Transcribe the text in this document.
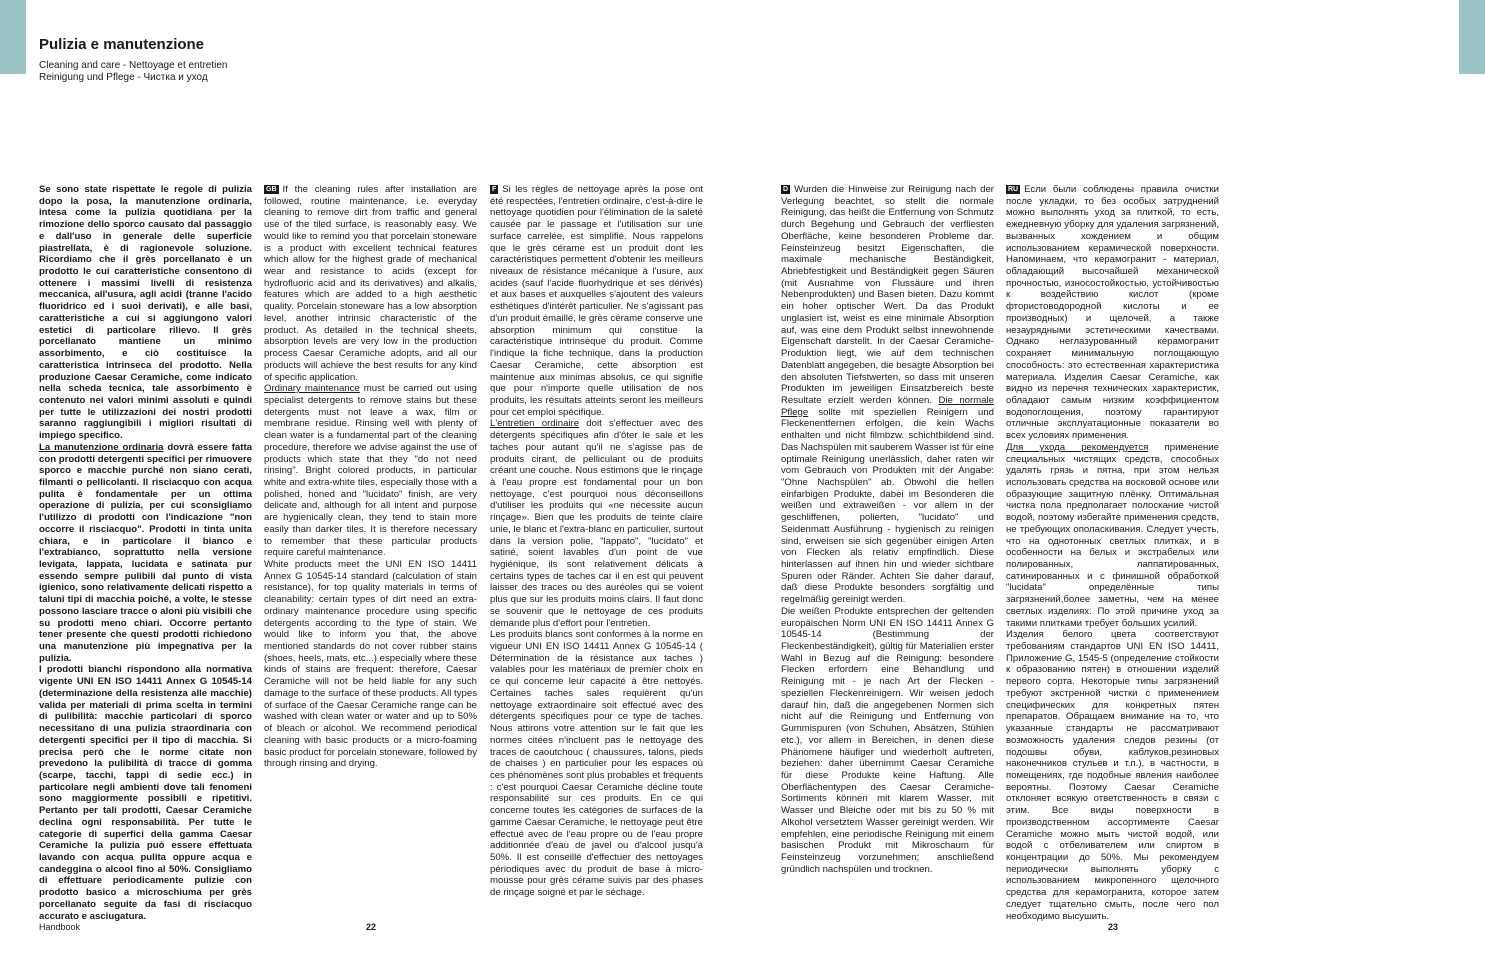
Pulizia e manutenzione
Cleaning and care - Nettoyage et entretien
Reinigung und Pflege - Чистка и уход

Se sono state rispettate le regole di pulizia dopo la posa, la manutenzione ordinaria, intesa come la pulizia quotidiana per la rimozione dello sporco causato dal passaggio e dall'uso in generale delle superficie piastrellata, è di ragionevole soluzione. Ricordiamo che il grès porcellanato è un prodotto le cui caratteristiche consentono di ottenere i massimi livelli di resistenza meccanica, all'usura, agli acidi (tranne l'acido fluoridrico ed i suoi derivati), e alle basi, caratteristiche a cui si aggiungono valori estetici di particolare rilievo. Il grès porcellanato mantiene un minimo assorbimento, e ciò costituisce la caratteristica intrinseca del prodotto. Nella produzione Caesar Ceramiche, come indicato nella scheda tecnica, tale assorbimento è contenuto nei valori minimi assoluti e quindi per tutte le utilizzazioni dei nostri prodotti saranno raggiungibili i migliori risultati di impiego specifico.

La manutenzione ordinaria dovrà essere fatta con prodotti detergenti specifici per rimuovere sporco e macchie purché non siano cerati, filmanti o pellicolanti. Il risciacquo con acqua pulita è fondamentale per un ottima operazione di pulizia, per cui sconsigliamo l'utilizzo di prodotti con l'indicazione "non occorre il risciacquo". Prodotti in tinta unita chiara, e in particolare il bianco e l'extrabianco, soprattutto nella versione levigata, lappata, lucidata e satinata pur essendo sempre pulibili dal punto di vista igienico, sono relativamente delicati rispetto a taluni tipi di macchia poiché, a volte, le stesse possono lasciare tracce o aloni più visibili che su prodotti meno chiari. Occorre pertanto tener presente che questi prodotti richiedono una manutenzione più impegnativa per la pulizia.

I prodotti bianchi rispondono alla normativa vigente UNI EN ISO 14411 Annex G 10545-14 (determinazione della resistenza alle macchie) valida per materiali di prima scelta in termini di pulibilità: macchie particolari di sporco necessitano di una pulizia straordinaria con detergenti specifici per il tipo di macchia. Si precisa però che le norme citate non prevedono la pulibilità di tracce di gomma (scarpe, tacchi, tappi di sedie ecc.) in particolare negli ambienti dove tali fenomeni sono maggiormente possibili e ripetitivi. Pertanto per tali prodotti, Caesar Ceramiche declina ogni responsabilità. Per tutte le categorie di superfici della gamma Caesar Ceramiche la pulizia può essere effettuata lavando con acqua pulita oppure acqua e candeggina o alcool fino al 50%. Consigliamo di effettuare periodicamente pulizie con prodotto basico a microschiuma per grès porcellanato seguite da fasi di risciacquo accurato e asciugatura.

GB If the cleaning rules after installation are followed, routine maintenance, i.e. everyday cleaning to remove dirt from traffic and general use of the tiled surface, is reasonably easy. We would like to remind you that porcelain stoneware is a product with excellent technical features which allow for the highest grade of mechanical wear and resistance to acids (except for hydrofluoric acid and its derivatives) and alkalis, features which are added to a high aesthetic quality. Porcelain stoneware has a low absorption level, another intrinsic characteristic of the product. As detailed in the technical sheets, absorption levels are very low in the production process Caesar Ceramiche adopts, and all our products will achieve the best results for any kind of specific application.

Ordinary maintenance must be carried out using specialist detergents to remove stains but these detergents must not leave a wax, film or membrane residue. Rinsing well with plenty of clean water is a fundamental part of the cleaning procedure, therefore we advise against the use of products which state that they "do not need rinsing". Bright colored products, in particular white and extra-white tiles, especially those with a polished, honed and "lucidato" finish, are very delicate and, although for all intent and purpose are hygienically clean, they tend to stain more easily than darker tiles. It is therefore necessary to remember that these particular products require careful maintenance.

White products meet the UNI EN ISO 14411 Annex G 10545-14 standard (calculation of stain resistance), for top quality materials in terms of cleanability: certain types of dirt need an extra-ordinary maintenance procedure using specific detergents according to the type of stain. We would like to inform you that, the above mentioned standards do not cover rubber stains (shoes, heels, mats, etc...) especially where these kinds of stains are frequent: therefore, Caesar Ceramiche will not be held liable for any such damage to the surface of these products. All types of surface of the Caesar Ceramiche range can be washed with clean water or water and up to 50% of bleach or alcohol. We recommend periodical cleaning with basic products or a micro-foaming basic product for porcelain stoneware, followed by through rinsing and drying.

F Si les règles de nettoyage après la pose ont été respectées, l'entretien ordinaire, c'est-à-dire le nettoyage quotidien pour l'élimination de la saleté causée par le passage et l'utilisation sur une surface carrelée, est simplifié. Nous rappelons que le grès cérame est un produit dont les caractéristiques permettent d'obtenir les meilleurs niveaux de résistance mécanique à l'usure, aux acides (sauf l'acide fluorhydrique et ses dérivés) et aux bases et auxquelles s'ajoutent des valeurs esthétiques d'intérêt particulier. Ne s'agissant pas d'un produit émaillé, le grès cérame conserve une absorption minimum qui constitue la caractéristique intrinsèque du produit. Comme l'indique la fiche technique, dans la production Caesar Ceramiche, cette absorption est maintenue aux minimas absolus, ce qui signifie que pour n'importe quelle utilisation de nos produits, les résultats atteints seront les meilleurs pour cet emploi spécifique.

L'entretien ordinaire doit s'effectuer avec des détergents spécifiques afin d'ôter le sale et les taches pour autant qu'il ne s'agisse pas de produits cirant, de pelliculant ou de produits créant une couche. Nous estimons que le rinçage à l'eau propre est fondamental pour un bon nettoyage, c'est pourquoi nous déconseillons d'utiliser les produits qui «ne nécessite aucun rinçage». Bien que les produits de teinte claire unie, le blanc et l'extra-blanc en particulier, surtout dans la version polie, "lappato", "lucidato" et satiné, soient lavables d'un point de vue hygiénique, ils sont relativement délicats à certains types de taches car il en est qui peuvent laisser des traces ou des auréoles qui se voient plus que sur les produits moins clairs. Il faut donc se souvenir que le nettoyage de ces produits demande plus d'effort pour l'entretien.

Les produits blancs sont conformes à la norme en vigueur UNI EN ISO 14411 Annex G 10545-14 ( Détermination de la résistance aux taches ) valables pour les matériaux de premier choix en ce qui concerne leur capacité à être nettoyés. Certaines taches sales requièrent qu'un nettoyage extraordinaire soit effectué avec des détergents spécifiques pour ce type de taches. Nous attirons votre attention sur le fait que les normes citées n'incluent pas le nettoyage des traces de caoutchouc ( chaussures, talons, pieds de chaises ) en particulier pour les espaces où ces phénomènes sont plus probables et fréquents : c'est pourquoi Caesar Ceramiche décline toute responsabilité sur ces produits. En ce qui concerne toutes les catégories de surfaces de la gamme Caesar Ceramiche, le nettoyage peut être effectué avec de l'eau propre ou de l'eau propre additionnée d'eau de javel ou d'alcool jusqu'à 50%. Il est conseillé d'effectuer des nettoyages périodiques avec du produit de base à micro-mousse pour grès cérame suivis par des phases de rinçage soigné et par le séchage.

D Wurden die Hinweise zur Reinigung nach der Verlegung beachtet, so stellt die normale Reinigung, das heißt die Entfernung von Schmutz durch Begehung und Gebrauch der verfliesten Oberfläche, keine besonderen Probleme dar. Feinsteinzeug besitzt Eigenschaften, die maximale mechanische Beständigkeit, Abriebfestigkeit und Beständigkeit gegen Säuren (mit Ausnahme von Flussäure und ihren Nebenprodukten) und Basen bieten. Dazu kommt ein hoher optischer Wert. Da das Produkt unglasiert ist, weist es eine minimale Absorption auf, was eine dem Produkt selbst innewohnende Eigenschaft darstellt. In der Caesar Ceramiche-Produktion liegt, wie auf dem technischen Datenblatt angegeben, die besagte Absorption bei den absoluten Tiefstwerten, so dass mit unseren Produkten im jeweiligen Einsatzbereich beste Resultate erzielt werden können. Die normale Pflege sollte mit speziellen Reinigern und Fleckenentfernen erfolgen, die kein Wachs enthalten und nicht filmbzw. schichtbildend sind. Das Nachspülen mit sauberem Wasser ist für eine optimale Reinigung unerlässlich, daher raten wir vom Gebrauch von Produkten mit der Angabe: "Ohne Nachspülen" ab. Obwohl die hellen einfarbigen Produkte, dabei im Besonderen die weißen und extraweißen - vor allem in der geschliffenen, polierten, "lucidato" und Seidenmatt Ausführung - hygienisch zu reinigen sind, erweisen sie sich gegenüber einigen Arten von Flecken als relativ empfindlich. Diese hinterlassen auf ihnen hin und wieder sichtbare Spuren oder Ränder. Achten Sie daher darauf, daß diese Produkte besonders sorgfältig und regelmäßig gereinigt werden.

Die weißen Produkte entsprechen der geltenden europäischen Norm UNI EN ISO 14411 Annex G 10545-14 (Bestimmung der Fleckenbeständigkeit), gültig für Materialien erster Wahl in Bezug auf die Reinigung: besondere Flecken erfordern eine Behandlung und Reinigung mit - je nach Art der Flecken - speziellen Fleckenreinigern. Wir weisen jedoch darauf hin, daß die angegebenen Normen sich nicht auf die Reinigung und Entfernung von Gummispuren (von Schuhen, Absätzen, Stühlen etc.), vor allem in Bereichen, in denen diese Phänomene häufiger und wiederholt auftreten, beziehen: daher übernimmt Caesar Ceramiche für diese Produkte keine Haftung. Alle Oberflächentypen des Caesar Ceramiche-Sortiments können mit klarem Wasser, mit Wasser und Bleiche oder mit bis zu 50 % mit Alkohol versetztem Wasser gereinigt werden. Wir empfehlen, eine periodische Reinigung mit einem basischen Produkt mit Mikroschaum für Feinsteinzeug vorzunehmen; anschließend gründlich nachspülen und trocknen.

RU Если были соблюдены правила очистки после укладки, то без особых затруднений можно выполнять уход за плиткой, то есть, ежедневную уборку для удаления загрязнений, вызванных хождением и общим использованием керамической поверхности. Напоминаем, что керамогранит - материал, обладающий высочайшей механической прочностью, износостойкостью, устойчивостью к воздействию кислот (кроме фтористоводородной кислоты и ее производных) и щелочей, а также незаурядными эстетическими качествами. Однако неглазурованный керамогранит сохраняет минимальную поглощающую способность: это естественная характеристика материала. Изделия Caesar Ceramiche, как видно из перечня технических характеристик, обладают самым низким коэффициентом водопоглощения, поэтому гарантируют отличные эксплуатационные показатели во всех условиях применения.

Для ухода рекомендуется применение специальных чистящих средств, способных удалять грязь и пятна, при этом нельзя использовать средства на восковой основе или образующие защитную плёнку. Оптимальная чистка пола предполагает полоскание чистой водой, поэтому избегайте применения средств, не требующих ополаскивания. Следует учесть, что на однотонных светлых плитках, и в особенности на белых и экстрабелых или полированных, лаппатированных, сатинированных и с финишной обработкой "lucidata" определённые типы загрязнений,более заметны, чем на менее светлых изделиях. По этой причине уход за такими плитками требует больших усилий.

Изделия белого цвета соответствуют требованиям стандартов UNI EN ISO 14411, Приложение G, 1545-5 (определение стойкости к образованию пятен) в отношении изделий первого сорта. Некоторые типы загрязнений требуют экстренной чистки с применением специфических для конкретных пятен препаратов. Обращаем внимание на то, что указанные стандарты не рассматривают возможность удаления следов резины (от подошвы обуви, каблуков,резиновых наконечников стульев и т.п.), в частности, в помещениях, где подобные явления наиболее вероятны. Поэтому Caesar Ceramiche отклоняет всякую ответственность в связи с этим. Все виды поверхности в производственном ассортименте Caesar Ceramiche можно мыть чистой водой, или водой с отбеливателем или спиртом в концентрации до 50%. Мы рекомендуем периодически выполнять уборку с использованием микропенного щелочного средства для керамогранита, которое затем следует тщательно смыть, после чего пол необходимо высушить.

Handbook	22	23
